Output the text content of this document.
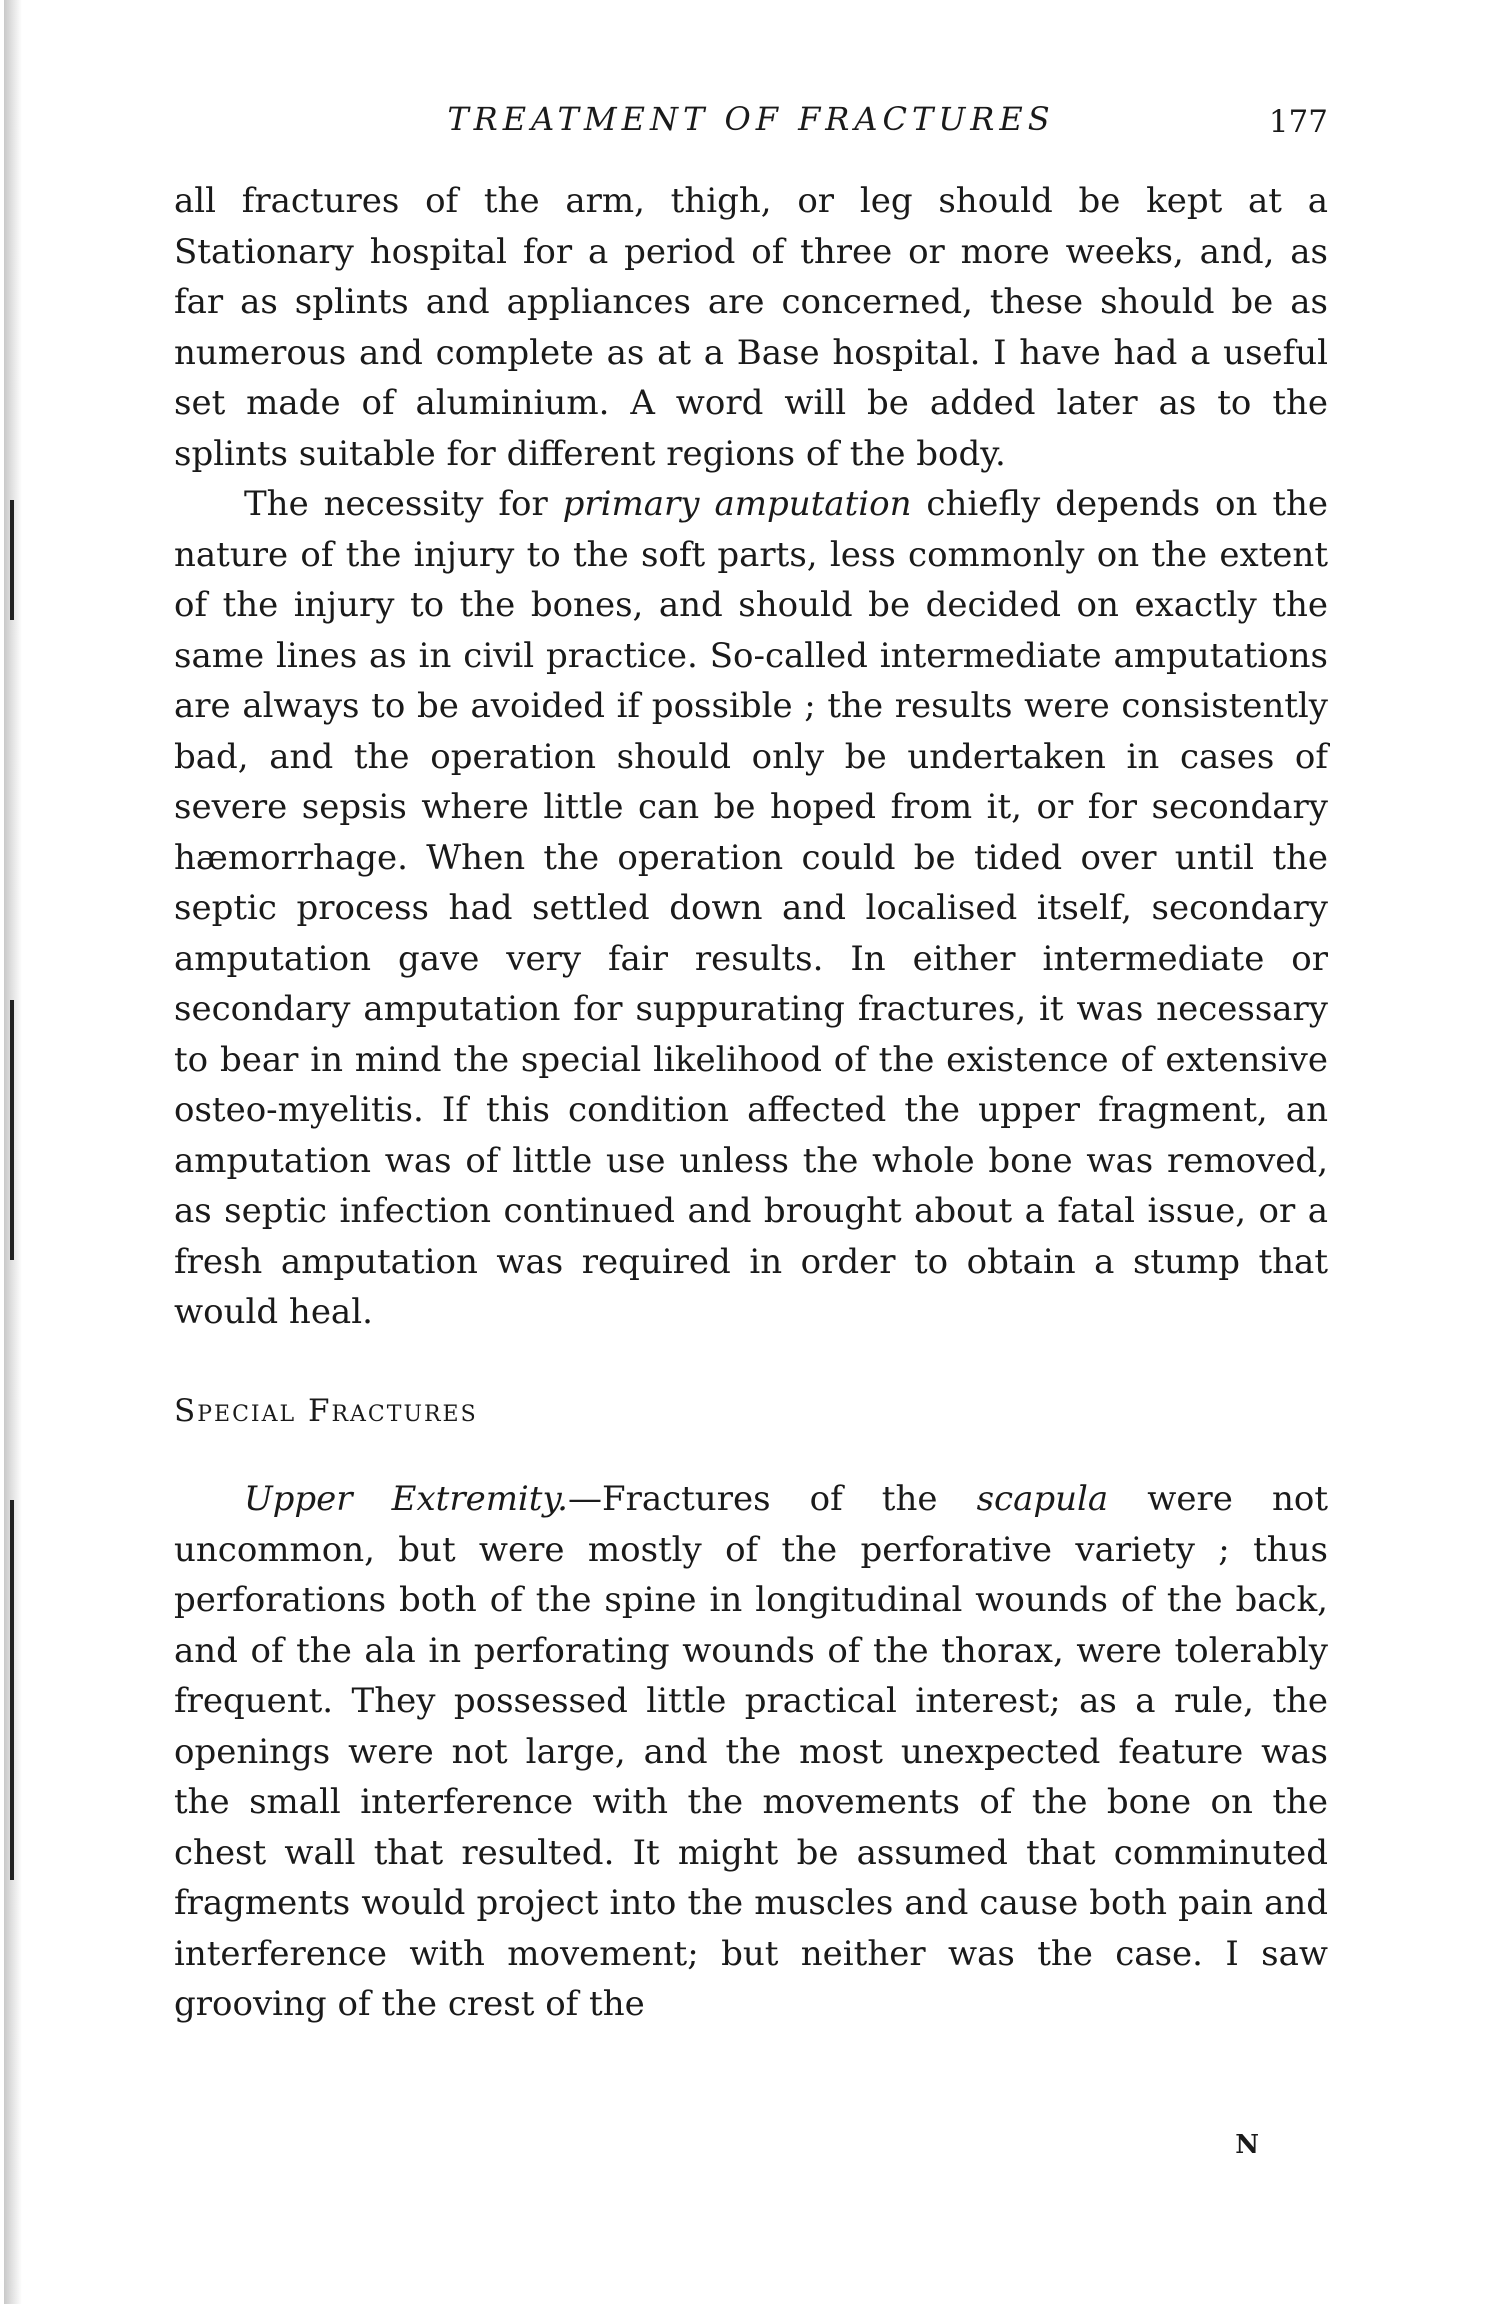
TREATMENT OF FRACTURES	177

all fractures of the arm, thigh, or leg should be kept at a Stationary hospital for a period of three or more weeks, and, as far as splints and appliances are concerned, these should be as numerous and complete as at a Base hospital. I have had a useful set made of aluminium. A word will be added later as to the splints suitable for different regions of the body.

The necessity for primary amputation chiefly depends on the nature of the injury to the soft parts, less commonly on the extent of the injury to the bones, and should be decided on exactly the same lines as in civil practice. So-called intermediate amputations are always to be avoided if possible ; the results were consistently bad, and the operation should only be undertaken in cases of severe sepsis where little can be hoped from it, or for secondary hæmorrhage. When the operation could be tided over until the septic process had settled down and localised itself, secondary amputation gave very fair results. In either intermediate or secondary amputation for suppurating fractures, it was necessary to bear in mind the special likelihood of the existence of extensive osteo-myelitis. If this condition affected the upper fragment, an amputation was of little use unless the whole bone was removed, as septic infection continued and brought about a fatal issue, or a fresh amputation was required in order to obtain a stump that would heal.

Special Fractures

Upper Extremity.—Fractures of the scapula were not uncommon, but were mostly of the perforative variety ; thus perforations both of the spine in longitudinal wounds of the back, and of the ala in perforating wounds of the thorax, were tolerably frequent. They possessed little practical interest; as a rule, the openings were not large, and the most unexpected feature was the small interference with the movements of the bone on the chest wall that resulted. It might be assumed that comminuted fragments would project into the muscles and cause both pain and interference with movement; but neither was the case. I saw grooving of the crest of the

N
